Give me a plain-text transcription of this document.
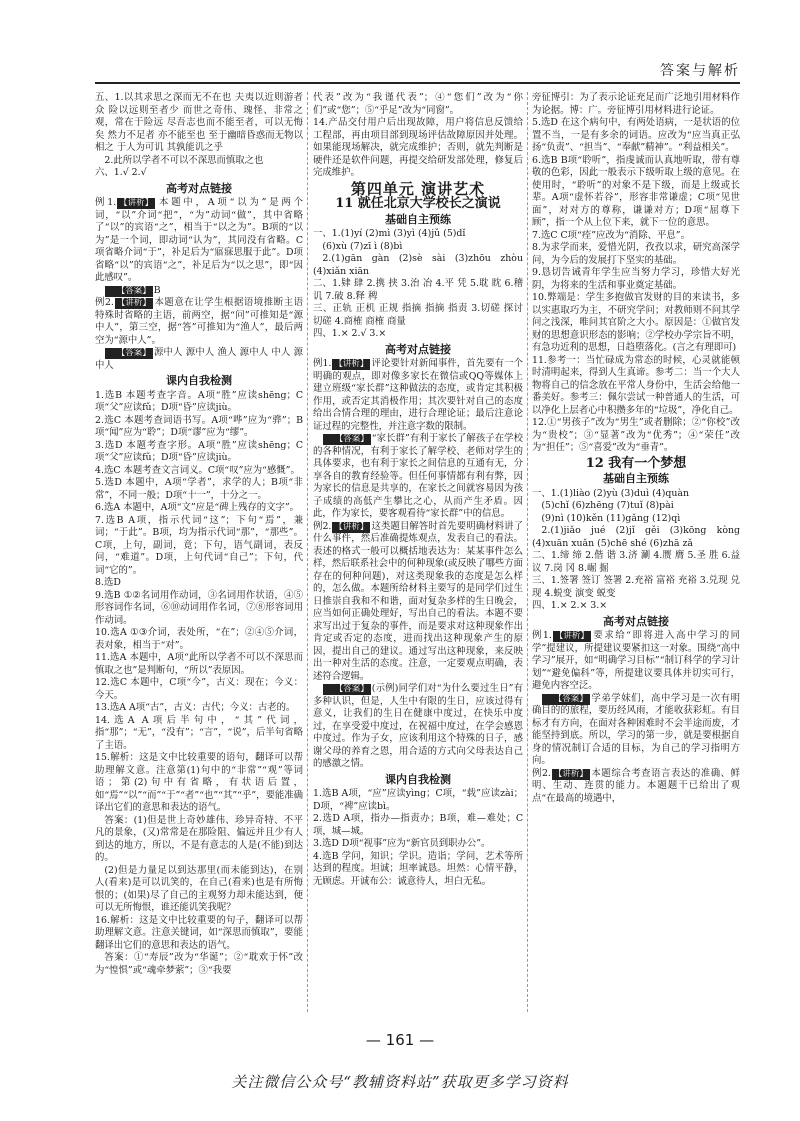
答案与解析

五、1.以其求思之深而无不在也 夫夷以近则游者众 险以远则至者少 而世之奇伟、瑰怪、非常之观，常在于险远 尽吾志也而不能至者，可以无悔矣 然力不足者 亦不能至也 至于幽暗昏惑而无物以相之 于人为可讥 其孰能讥之乎

2.此所以学者不可以不深思而慎取之也

六、1.√ 2.√

高考对点链接

例1. 【讲析】 本题中，A项“以为”是两个词，“以”介词“把”，“为”动词“做”，其中省略了“以”的宾语“之”，相当于“以之为”。B项的“以为”是一个词，即动词“认为”，其同没有省略。C项省略介词“于”，补足后为“寤寐思服于此”。D项省略“以”的宾语“之”，补足后为“以之思”，即“因此感叹”。

【答案】 B

例2. 【讲析】 本题意在让学生根据语境推断主语特殊时省略的主语，前两空，据“问”可推知是“源中人”，第三空，据“答”可推知为“渔人”，最后两空为“源中人”。

【答案】 源中人 源中人 渔人 源中人 中人 源中人

课内自我检测

1.选B 本题考查字音。A项“胜”应读shēng；C项“父”应读fǔ；D项“昏”应读jiù。

2.选C 本题考查词语书写。A项“哗”应为“骅”；B项“闻”应为“聆”；D项“谬”应为“缪”。

3.选D 本题考查字形。A项“胜”应读shēng；C项“父”应读fǔ；D项“昏”应读jiù。

4.选C 本题考查文言词义。C项“叹”应为“感慨”。

5.选D 本题中，A项“学者”，求学的人；B项“非常”，不同一般；D项“十一”，十分之一。

6.选A 本题中，A项“文”应是“碑上残存的文字”。

7.选B A项，指示代词“这”；下句“焉”，兼词；“于此”。B项，均为指示代词“那”，“那些”。C项，上句，副词，竟；下句，语气副词，表反问，“难道”。D项，上句代词“自己”；下句，代词“它的”。

8.选D

9.选B ①②名词用作动词，③名词用作状语，④⑤形容词作名词，⑥⑩动词用作名词，⑦⑧形容词用作动词。

10.选A ①③介词，表处所，“在”；②④⑤介词，表对象，相当于“对”。

11.选A 本题中，A项“此所以学者不可以不深思而慎取之也”是判断句，“所以”表原因。

12.选C 本题中，C项“今”，古义：现在；今义：今天。

13.选A A项“古”，古义：古代；今义：古老的。

14.选A A项后半句中，“其”代词，指“那”；“无”，“没有”；“言”，“说”，后半句省略了主语。

15.解析：这是文中比较重要的语句，翻译可以帮助理解文意。注意第(1)句中的“非常”“观”等词语；第(2)句中有省略，有状语后置，如“焉”“以”“而”“于”“者”“也”“其”“乎”，要能准确译出它们的意思和表达的语气。

答案：(1)但是世上奇妙雄伟、珍异奇特、不平凡的景象，(又)常常是在那险阻、偏远并且少有人到达的地方，所以，不是有意志的人是(不能)到达的。

(2)但是力量足以到达那里(而未能到达)，在别人(看来)是可以讥笑的，在自己(看来)也是有所悔恨的；(如果)尽了自己的主观努力却未能达到，便可以无所悔恨，谁还能讥笑我呢？

16.解析：这是文中比较重要的句子，翻译可以帮助理解文意。注意关键词，如“深思而慎取”，要能翻译出它们的意思和表达的语气。

答案：①“寿辰”改为“华诞”；②“耽欢于怀”改为“惶惧”或“魂牵梦萦”；③“我要

代表”改为“我谨代表”；④“您们”改为“你们”或“您”；⑤“乎足”改为“同窗”。

14.产品交付用户后出现故障，用户将信息反馈给工程部，再由项目部到现场评估故障原因并处理。如果能现场解决，就完成维护；否则，就先判断是硬件还是软件问题，再提交给研发部处理，修复后完成维护。

第四单元 演讲艺术
11 就任北京大学校长之演说
基础自主预练

一、1.(1)yí (2)mì (3)yì (4)jǔ (5)dǐ

(6)xù (7)zī ì (8)bì

2.(1)gān gàn (2)sè sài (3)zhōu zhòu (4)xiǎn xiān

二、1.肄 肆 2.携 挟 3.治 冶 4.平 凭 5.耽 眈 6.稽 讥 7.破 8.释 稗

三、正轨 正机 正规 指摘 指摘 指责 3.切磋 探讨 切磋 4.商榷 商榷 商量

四、1.× 2.√ 3.×

高考对点链接

例1. 【讲析】 评论要针对新闻事件，首先要有一个明确的观点，即对像多家长在微信或QQ等媒体上建立班级“家长群”这种做法的态度，或肯定其积极作用，或否定其消极作用；其次要针对自己的态度给出合情合理的理由，进行合理论证；最后注意论证过程的完整性，并注意字数的限制。

【答案】 “家长群”有利于家长了解孩子在学校的各种情况，有利于家长了解学校、老师对学生的具体要求，也有利于家长之间信息的互通有无，分享各自的教育经验等。但任何事情都有利有弊，因为家长的信息是共享的，在家长之间就容易因为孩子成绩的高低产生攀比之心，从而产生矛盾。因此，作为家长，要客观看待“家长群”中的信息。

例2. 【讲析】 这类题目解答时首先要明确材料讲了什么事件，然后准确提炼观点，发表自己的看法。表述的格式一般可以概括地表达为：某某事件怎么样，然后联系社会中的何种现象(或反映了哪些方面存在的何种问题)，对这类现象我的态度是怎么样的，怎么做。本题所给材料主要写的是同学们过生日推崇自我和不和谐，面对复杂多样的生日晚会，应当如何正确处理好，写出自己的看法。本题不要求写出过于复杂的事件，而是要求对这种现象作出肯定或否定的态度，进而找出这种现象产生的原因，提出自己的建议。通过写出这种现象，来反映出一种对生活的态度。注意，一定要观点明确，表述符合逻辑。

【答案】 (示例)同学们对“为什么要过生日”有多种认识，但是，人生中有限的生日，应该过得有意义，让我们的生日在健康中度过，在快乐中度过，在享受爱中度过，在祝福中度过，在学会感恩中度过。作为子女，应该利用这个特殊的日子，感谢父母的养育之恩，用合适的方式向父母表达自己的感激之情。

课内自我检测

1.选B A项，“应”应读yìng；C项，“载”应读zài；D项，“裨”应读bì。

2.选D A项，指办—指责办；B项，难—难处；C项，城—城。

3.选D D项“视事”应为“新官员到职办公”。

4.选B 学问，知识；学识。造诣；学问，艺术等所达到的程度。坦诚；坦率诚恳。坦然：心情平静，无顾虑。开诚布公：诚意待人，坦白无私。

旁征博引：为了表示论证充足而广泛地引用材料作为论据。博：广。旁征博引用材料进行论证。

5.选D 在这个病句中，有两处语病，一是状语的位置不当，一是有多余的词语。应改为“应当真正弘扬“负责”、“担当”、“奉献”精神”。“利益相关”。

6.选B B项“聆听”，指虔诚而认真地听取，带有尊敬的色彩，因此一般表示下级听取上级的意见。在使用时，“聆听”的对象不是下级，而是上级或长辈。A项“虚怀若谷”，形容非常谦虚；C项“见世面”，对对方的尊称，谦谦对方；D项“屈尊下顾”，指一个从上位下来，就下一位的意思。

7.选C C项“痊”应改为“消除、平息”。

8.为求学而来，爱惜光阴，孜孜以求，研究高深学问，为今后的发展打下坚实的基础。

9.恳切告诫青年学生应当努力学习，珍惜大好光阴，为将来的生活和事业奠定基础。

10.弊端是：学生多抱做官发财的目的来读书，多以实惠取巧为主，不研究学问；对教师则不问其学问之浅深，唯问其官阶之大小。原因是：①做官发财的思想意识形态的影响；②学校办学宗旨不明，有急功近利的思想，日趋堕落化。(言之有理即可)

11.参考一：当忙碌成为常态的时候，心灵就能顿时清明起来，得到人生真谛。参考二：当一个大人物将自己的信念放在平常人身份中，生活会给他一番美好。参考三：佩尔尝试一种普通人的生活，可以净化上层者心中积攒多年的“垃圾”，净化自己。

12.①“男孩子”改为“男生”或者删除；②“你校”改为“贵校”；③“显著”改为“优秀”；④“荣任”改为“担任”；⑤“喜爱”改为“垂青”。

12 我有一个梦想
基础自主预练

一、1.(1)liào (2)yù (3)duì (4)quàn

(5)chǐ (6)zhēng (7)tuǐ (8)pài

(9)nì (10)kěn (11)gǎng (12)qì

2.(1)jiǎo jué (2)jǐ gěi (3)kōng kòng (4)xuān xuǎn (5)chē shé (6)zhā zǎ

二、1.缔 缔 2.偕 谐 3.济 涮 4.赝 膺 5.圣 胜 6.益 议 7.岗 冈 8.崛 掘

三、1.签署 签订 签署 2.充裕 富裕 充裕 3.兑现 兑现 4.蜕变 演变 蜕变

四、1.× 2.× 3.×

高考对点链接

例1. 【讲析】 要求给“即将进入高中学习的同学”提建议，所提建议要紧扣这一对象。围绕“高中学习”展开，如“明确学习目标”“制订科学的学习计划”“避免偏科”等，所提建议要具体并切实可行，避免内容空泛。

【答案】 学弟学妹们，高中学习是一次有明确目的的旅程，要历经风雨，才能收获彩虹。有目标才有方向，在面对各种困难时不会半途而废，才能坚持到底。所以，学习的第一步，就是要根据自身的情况制订合适的目标，为自己的学习指明方向。

例2. 【讲析】 本题综合考查语言表达的准确、鲜明、生动、连贯的能力。本题题干已给出了观点“在最高的境遇中，

— 161 —
关注微信公众号“教辅资料站”获取更多学习资料
